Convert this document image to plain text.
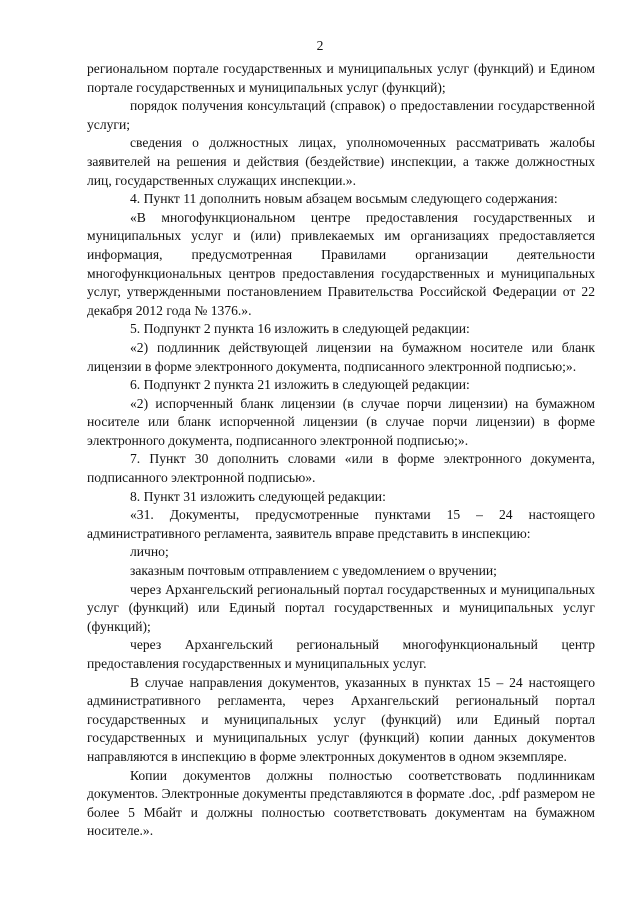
2

региональном портале государственных и муниципальных услуг (функций) и Едином портале государственных и муниципальных услуг (функций);

порядок получения консультаций (справок) о предоставлении государственной услуги;

сведения о должностных лицах, уполномоченных рассматривать жалобы заявителей на решения и действия (бездействие) инспекции, а также должностных лиц, государственных служащих инспекции.».

4. Пункт 11 дополнить новым абзацем восьмым следующего содержания:

«В многофункциональном центре предоставления государственных и муниципальных услуг и (или) привлекаемых им организациях предоставляется информация, предусмотренная Правилами организации деятельности многофункциональных центров предоставления государственных и муниципальных услуг, утвержденными постановлением Правительства Российской Федерации от 22 декабря 2012 года № 1376.».

5. Подпункт 2 пункта 16 изложить в следующей редакции:

«2) подлинник действующей лицензии на бумажном носителе или бланк лицензии в форме электронного документа, подписанного электронной подписью;».

6. Подпункт 2 пункта 21 изложить в следующей редакции:

«2) испорченный бланк лицензии (в случае порчи лицензии) на бумажном носителе или бланк испорченной лицензии (в случае порчи лицензии) в форме электронного документа, подписанного электронной подписью;».

7. Пункт 30 дополнить словами «или в форме электронного документа, подписанного электронной подписью».

8. Пункт 31 изложить следующей редакции:

«31. Документы, предусмотренные пунктами 15 – 24 настоящего административного регламента, заявитель вправе представить в инспекцию:

лично;

заказным почтовым отправлением с уведомлением о вручении;

через Архангельский региональный портал государственных и муниципальных услуг (функций) или Единый портал государственных и муниципальных услуг (функций);

через Архангельский региональный многофункциональный центр предоставления государственных и муниципальных услуг.

В случае направления документов, указанных в пунктах 15 – 24 настоящего административного регламента, через Архангельский региональный портал государственных и муниципальных услуг (функций) или Единый портал государственных и муниципальных услуг (функций) копии данных документов направляются в инспекцию в форме электронных документов в одном экземпляре.

Копии документов должны полностью соответствовать подлинникам документов. Электронные документы представляются в формате .doc, .pdf размером не более 5 Мбайт и должны полностью соответствовать документам на бумажном носителе.».
